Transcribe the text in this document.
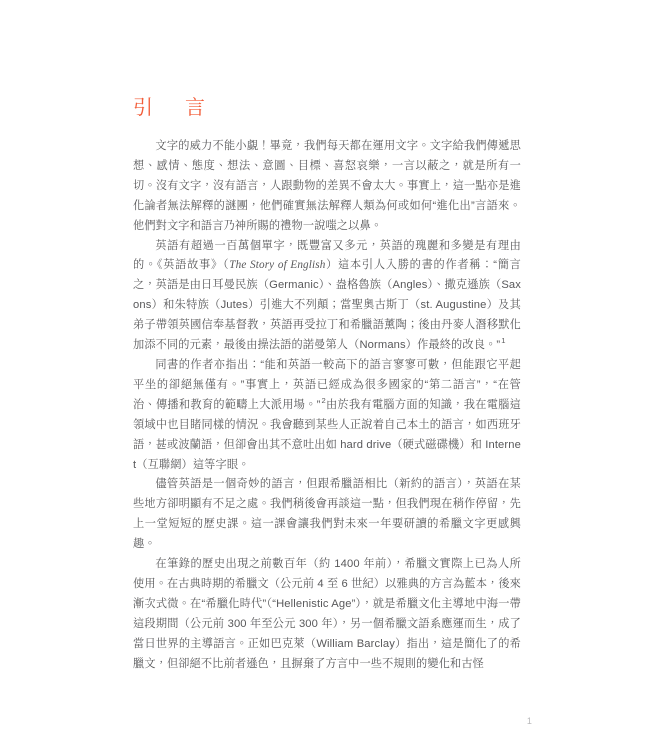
引　言

文字的威力不能小覷！畢竟，我們每天都在運用文字。文字給我們傳遞思想、感情、態度、想法、意圖、目標、喜怒哀樂，一言以蔽之，就是所有一切。沒有文字，沒有語言，人跟動物的差異不會太大。事實上，這一點亦是進化論者無法解釋的謎團，他們確實無法解釋人類為何或如何“進化出”言語來。他們對文字和語言乃神所賜的禮物一說嗤之以鼻。

英語有超過一百萬個單字，既豐富又多元，英語的瑰麗和多變是有理由的。《英語故事》（The Story of English）這本引人入勝的書的作者稱：“簡言之，英語是由日耳曼民族（Germanic）、盎格魯族（Angles）、撒克遜族（Saxons）和朱特族（Jutes）引進大不列顛；當聖奧古斯丁（st. Augustine）及其弟子帶領英國信奉基督教，英語再受拉丁和希臘語薰陶；後由丹麥人潛移默化加添不同的元素，最後由操法語的諾曼第人（Normans）作最終的改良。”$^1$

同書的作者亦指出：“能和英語一較高下的語言寥寥可數，但能跟它平起平坐的卻絕無僅有。”事實上，英語已經成為很多國家的“第二語言”，“在管治、傳播和教育的範疇上大派用場。”$^2$由於我有電腦方面的知識，我在電腦這領域中也目睹同樣的情況。我會聽到某些人正說着自己本土的語言，如西班牙語，甚或波蘭語，但卻會出其不意吐出如 hard drive（硬式磁碟機）和 Internet（互聯網）這等字眼。

儘管英語是一個奇妙的語言，但跟希臘語相比（新約的語言），英語在某些地方卻明顯有不足之處。我們稍後會再談這一點，但我們現在稍作停留，先上一堂短短的歷史課。這一課會讓我們對未來一年要研讀的希臘文字更感興趣。

在筆錄的歷史出現之前數百年（約 1400 年前），希臘文實際上已為人所使用。在古典時期的希臘文（公元前 4 至 6 世紀）以雅典的方言為藍本，後來漸次式微。在“希臘化時代”（“Hellenistic Age”），就是希臘文化主導地中海一帶這段期間（公元前 300 年至公元 300 年），另一個希臘文語系應運而生，成了當日世界的主導語言。正如巴克萊（William Barclay）指出，這是簡化了的希臘文，但卻絕不比前者遜色，且摒棄了方言中一些不規則的變化和古怪

1
